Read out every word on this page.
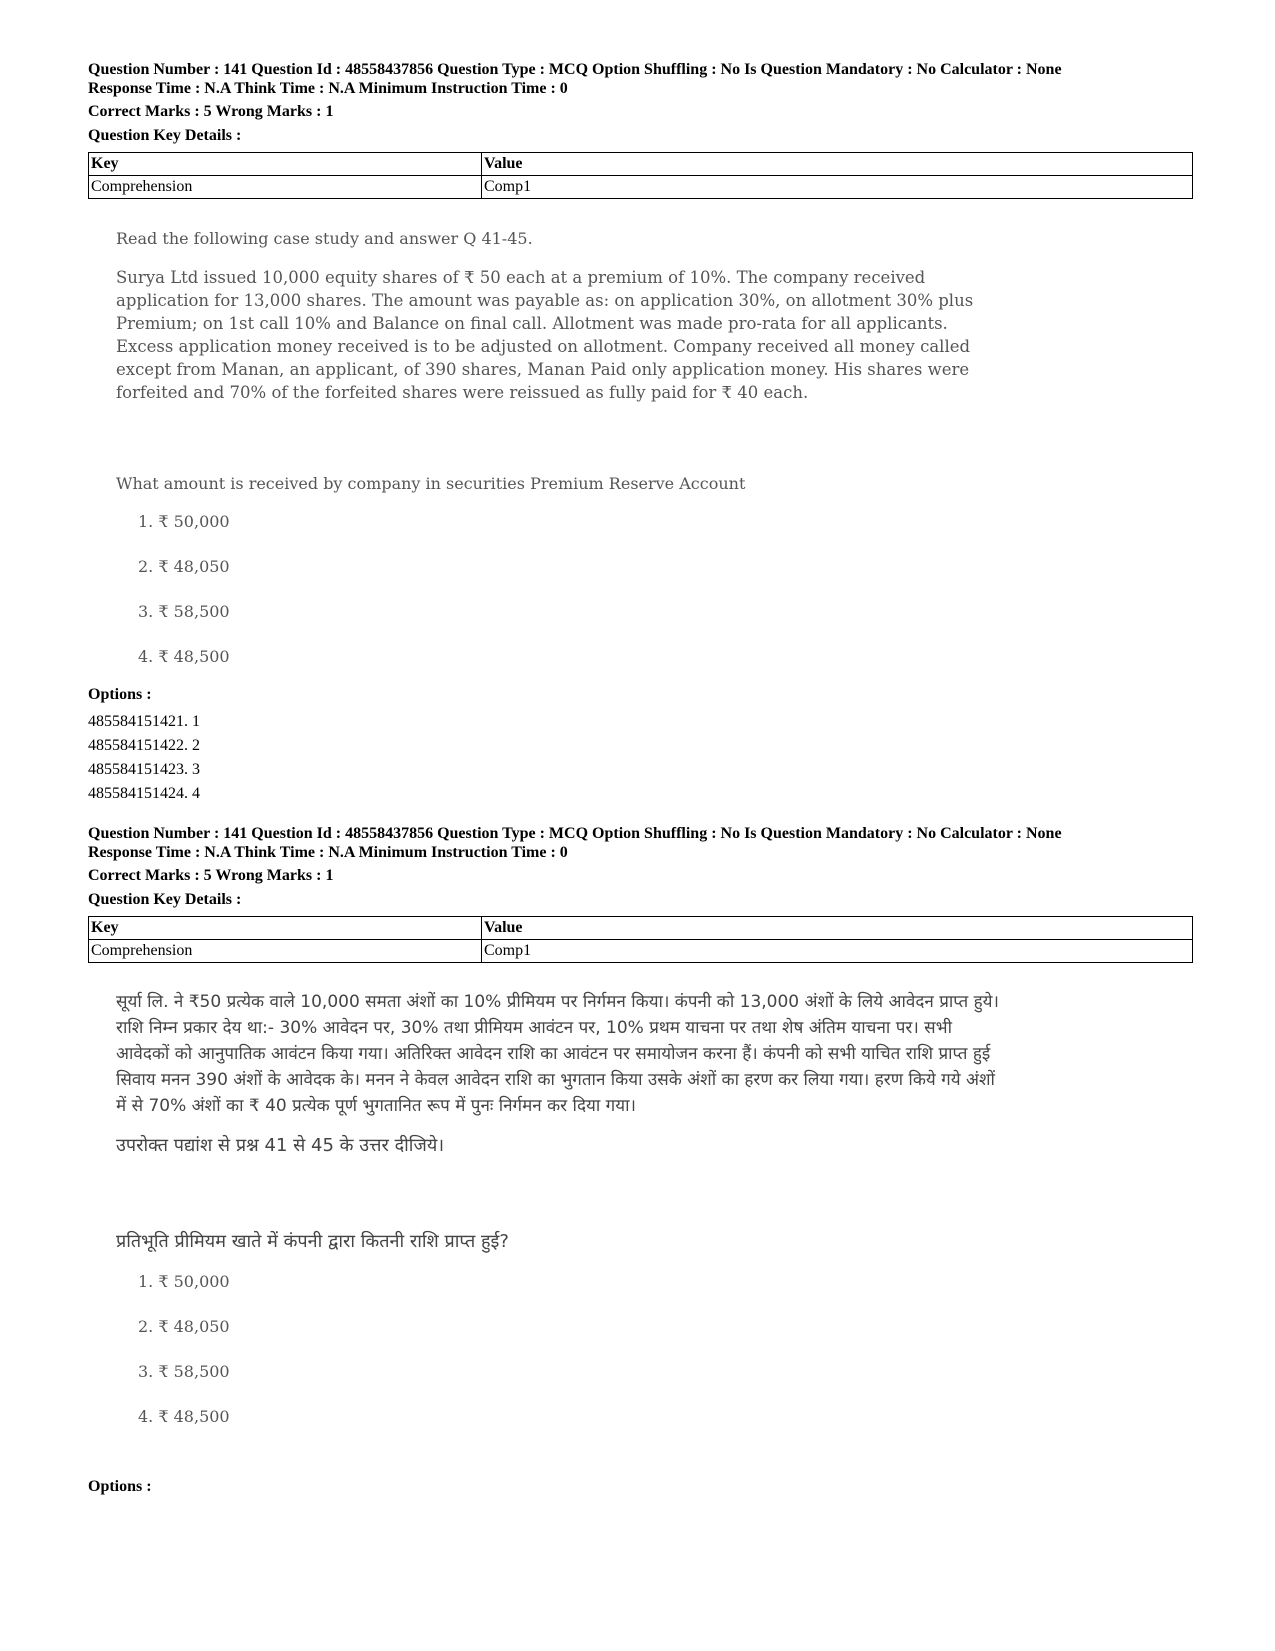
Question Number : 141 Question Id : 48558437856 Question Type : MCQ Option Shuffling : No Is Question Mandatory : No Calculator : None

Response Time : N.A Think Time : N.A Minimum Instruction Time : 0

Correct Marks : 5 Wrong Marks : 1

Question Key Details :

Key	Value
Comprehension	Comp1

Read the following case study and answer Q 41-45.

Surya Ltd issued 10,000 equity shares of ₹ 50 each at a premium of 10%. The company received application for 13,000 shares. The amount was payable as: on application 30%, on allotment 30% plus Premium; on 1st call 10% and Balance on final call. Allotment was made pro-rata for all applicants. Excess application money received is to be adjusted on allotment. Company received all money called except from Manan, an applicant, of 390 shares, Manan Paid only application money. His shares were forfeited and 70% of the forfeited shares were reissued as fully paid for ₹ 40 each.

What amount is received by company in securities Premium Reserve Account

1. ₹ 50,000
2. ₹ 48,050
3. ₹ 58,500
4. ₹ 48,500

Options :

485584151421. 1
485584151422. 2
485584151423. 3
485584151424. 4

Question Number : 141 Question Id : 48558437856 Question Type : MCQ Option Shuffling : No Is Question Mandatory : No Calculator : None

Response Time : N.A Think Time : N.A Minimum Instruction Time : 0

Correct Marks : 5 Wrong Marks : 1

Question Key Details :

Key	Value
Comprehension	Comp1

सूर्या लि. ने ₹50 प्रत्येक वाले 10,000 समता अंशों का 10% प्रीमियम पर निर्गमन किया। कंपनी को 13,000 अंशों के लिये आवेदन प्राप्त हुये। राशि निम्न प्रकार देय था:- 30% आवेदन पर, 30% तथा प्रीमियम आवंटन पर, 10% प्रथम याचना पर तथा शेष अंतिम याचना पर। सभी आवेदकों को आनुपातिक आवंटन किया गया। अतिरिक्त आवेदन राशि का आवंटन पर समायोजन करना हैं। कंपनी को सभी याचित राशि प्राप्त हुई सिवाय मनन 390 अंशों के आवेदक के। मनन ने केवल आवेदन राशि का भुगतान किया उसके अंशों का हरण कर लिया गया। हरण किये गये अंशों में से 70% अंशों का ₹ 40 प्रत्येक पूर्ण भुगतानित रूप में पुनः निर्गमन कर दिया गया।

उपरोक्त पद्यांश से प्रश्न 41 से 45 के उत्तर दीजिये।

प्रतिभूति प्रीमियम खाते में कंपनी द्वारा कितनी राशि प्राप्त हुई?

1. ₹ 50,000
2. ₹ 48,050
3. ₹ 58,500
4. ₹ 48,500

Options :
